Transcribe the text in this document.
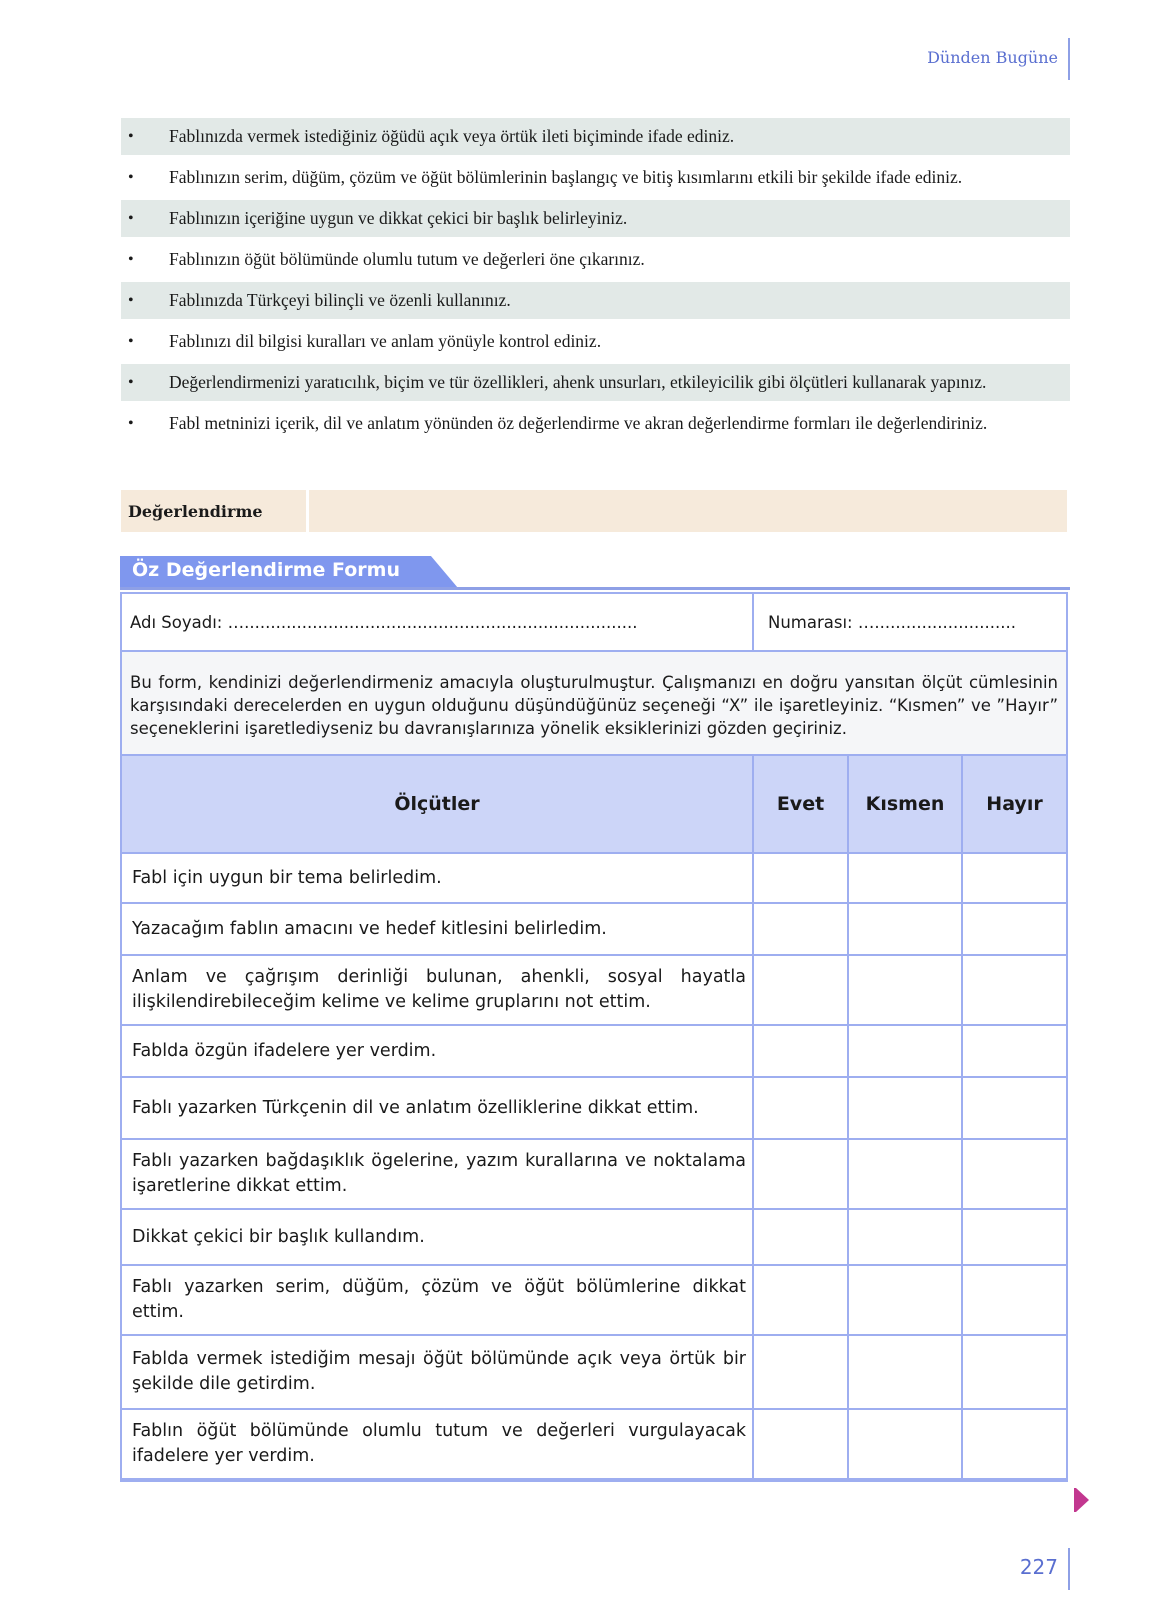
Dünden Bugüne
• Fablınızda vermek istediğiniz öğüdü açık veya örtük ileti biçiminde ifade ediniz.
• Fablınızın serim, düğüm, çözüm ve öğüt bölümlerinin başlangıç ve bitiş kısımlarını etkili bir şekilde ifade ediniz.
• Fablınızın içeriğine uygun ve dikkat çekici bir başlık belirleyiniz.
• Fablınızın öğüt bölümünde olumlu tutum ve değerleri öne çıkarınız.
• Fablınızda Türkçeyi bilinçli ve özenli kullanınız.
• Fablınızı dil bilgisi kuralları ve anlam yönüyle kontrol ediniz.
• Değerlendirmenizi yaratıcılık, biçim ve tür özellikleri, ahenk unsurları, etkileyicilik gibi ölçütleri kullanarak yapınız.
• Fabl metninizi içerik, dil ve anlatım yönünden öz değerlendirme ve akran değerlendirme formları ile değerlendiriniz.
Değerlendirme
Öz Değerlendirme Formu
Adı Soyadı: …...........................................................................	Numarası: …...........................
Bu form, kendinizi değerlendirmeniz amacıyla oluşturulmuştur. Çalışmanızı en doğru yansıtan ölçüt cümlesinin karşısındaki derecelerden en uygun olduğunu düşündüğünüz seçeneği “X” ile işaretleyiniz. “Kısmen” ve ”Hayır” seçeneklerini işaretlediyseniz bu davranışlarınıza yönelik eksiklerinizi gözden geçiriniz.
Ölçütler	Evet	Kısmen	Hayır
Fabl için uygun bir tema belirledim.
Yazacağım fablın amacını ve hedef kitlesini belirledim.
Anlam ve çağrışım derinliği bulunan, ahenkli, sosyal hayatla ilişkilendirebileceğim kelime ve kelime gruplarını not ettim.
Fablda özgün ifadelere yer verdim.
Fablı yazarken Türkçenin dil ve anlatım özelliklerine dikkat ettim.
Fablı yazarken bağdaşıklık ögelerine, yazım kurallarına ve noktalama işaretlerine dikkat ettim.
Dikkat çekici bir başlık kullandım.
Fablı yazarken serim, düğüm, çözüm ve öğüt bölümlerine dikkat ettim.
Fablda vermek istediğim mesajı öğüt bölümünde açık veya örtük bir şekilde dile getirdim.
Fablın öğüt bölümünde olumlu tutum ve değerleri vurgulayacak ifadelere yer verdim.
227
